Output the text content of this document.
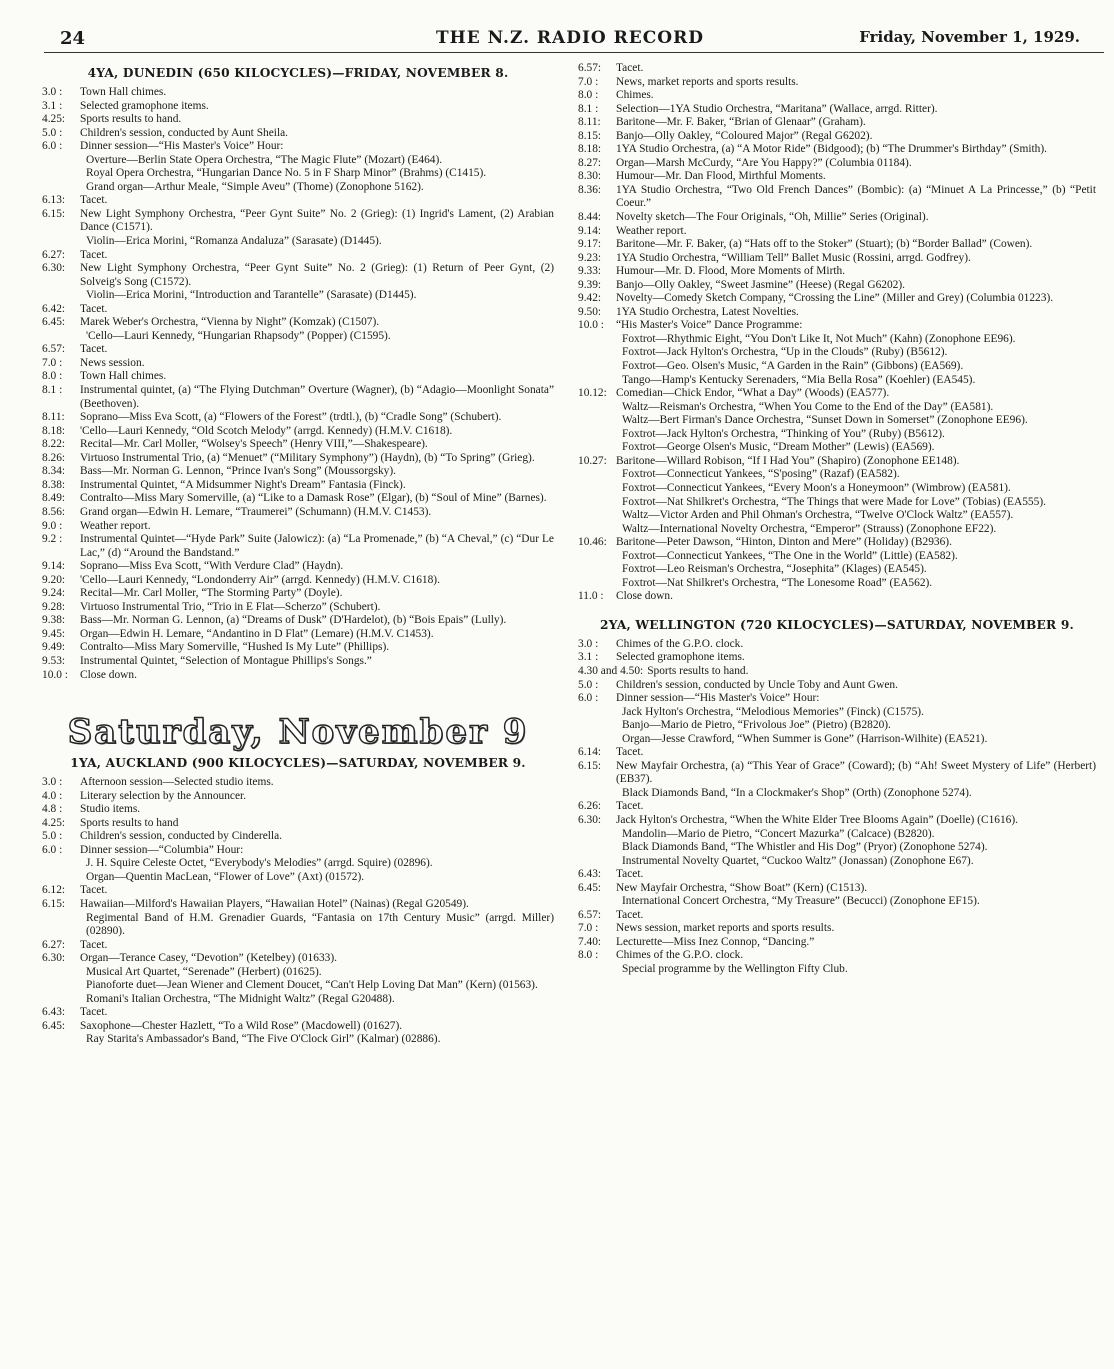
24	THE N.Z. RADIO RECORD	Friday, November 1, 1929.
4YA, DUNEDIN (650 KILOCYCLES)—FRIDAY, NOVEMBER 8.
3.0 :	Town Hall chimes.
3.1 :	Selected gramophone items.
4.25:	Sports results to hand.
5.0 :	Children's session, conducted by Aunt Sheila.
6.0 :	Dinner session—“His Master's Voice” Hour:
Overture—Berlin State Opera Orchestra, “The Magic Flute” (Mozart) (E464).
Royal Opera Orchestra, “Hungarian Dance No. 5 in F Sharp Minor” (Brahms) (C1415).
Grand organ—Arthur Meale, “Simple Aveu” (Thome) (Zonophone 5162).
6.13:	Tacet.
6.15:	New Light Symphony Orchestra, “Peer Gynt Suite” No. 2 (Grieg): (1) Ingrid's Lament, (2) Arabian Dance (C1571).
Violin—Erica Morini, “Romanza Andaluza” (Sarasate) (D1445).
6.27:	Tacet.
6.30:	New Light Symphony Orchestra, “Peer Gynt Suite” No. 2 (Grieg): (1) Return of Peer Gynt, (2) Solveig's Song (C1572).
Violin—Erica Morini, “Introduction and Tarantelle” (Sarasate) (D1445).
6.42:	Tacet.
6.45:	Marek Weber's Orchestra, “Vienna by Night” (Komzak) (C1507).
'Cello—Lauri Kennedy, “Hungarian Rhapsody” (Popper) (C1595).
6.57:	Tacet.
7.0 :	News session.
8.0 :	Town Hall chimes.
8.1 :	Instrumental quintet, (a) “The Flying Dutchman” Overture (Wagner), (b) “Adagio—Moonlight Sonata” (Beethoven).
8.11:	Soprano—Miss Eva Scott, (a) “Flowers of the Forest” (trdtl.), (b) “Cradle Song” (Schubert).
8.18:	'Cello—Lauri Kennedy, “Old Scotch Melody” (arrgd. Kennedy) (H.M.V. C1618).
8.22:	Recital—Mr. Carl Moller, “Wolsey's Speech” (Henry VIII,”—Shakespeare).
8.26:	Virtuoso Instrumental Trio, (a) “Menuet” (“Military Symphony”) (Haydn), (b) “To Spring” (Grieg).
8.34:	Bass—Mr. Norman G. Lennon, “Prince Ivan's Song” (Moussorgsky).
8.38:	Instrumental Quintet, “A Midsummer Night's Dream” Fantasia (Finck).
8.49:	Contralto—Miss Mary Somerville, (a) “Like to a Damask Rose” (Elgar), (b) “Soul of Mine” (Barnes).
8.56:	Grand organ—Edwin H. Lemare, “Traumerei” (Schumann) (H.M.V. C1453).
9.0 :	Weather report.
9.2 :	Instrumental Quintet—“Hyde Park” Suite (Jalowicz): (a) “La Promenade,” (b) “A Cheval,” (c) “Dur Le Lac,” (d) “Around the Bandstand.”
9.14:	Soprano—Miss Eva Scott, “With Verdure Clad” (Haydn).
9.20:	'Cello—Lauri Kennedy, “Londonderry Air” (arrgd. Kennedy) (H.M.V. C1618).
9.24:	Recital—Mr. Carl Moller, “The Storming Party” (Doyle).
9.28:	Virtuoso Instrumental Trio, “Trio in E Flat—Scherzo” (Schubert).
9.38:	Bass—Mr. Norman G. Lennon, (a) “Dreams of Dusk” (D'Hardelot), (b) “Bois Epais” (Lully).
9.45:	Organ—Edwin H. Lemare, “Andantino in D Flat” (Lemare) (H.M.V. C1453).
9.49:	Contralto—Miss Mary Somerville, “Hushed Is My Lute” (Phillips).
9.53:	Instrumental Quintet, “Selection of Montague Phillips's Songs.”
10.0 :	Close down.
Saturday, November 9
1YA, AUCKLAND (900 KILOCYCLES)—SATURDAY, NOVEMBER 9.
3.0 :	Afternoon session—Selected studio items.
4.0 :	Literary selection by the Announcer.
4.8 :	Studio items.
4.25:	Sports results to hand
5.0 :	Children's session, conducted by Cinderella.
6.0 :	Dinner session—“Columbia” Hour:
J. H. Squire Celeste Octet, “Everybody's Melodies” (arrgd. Squire) (02896).
Organ—Quentin MacLean, “Flower of Love” (Axt) (01572).
6.12:	Tacet.
6.15:	Hawaiian—Milford's Hawaiian Players, “Hawaiian Hotel” (Nainas) (Regal G20549).
Regimental Band of H.M. Grenadier Guards, “Fantasia on 17th Century Music” (arrgd. Miller) (02890).
6.27:	Tacet.
6.30:	Organ—Terance Casey, “Devotion” (Ketelbey) (01633).
Musical Art Quartet, “Serenade” (Herbert) (01625).
Pianoforte duet—Jean Wiener and Clement Doucet, “Can't Help Loving Dat Man” (Kern) (01563).
Romani's Italian Orchestra, “The Midnight Waltz” (Regal G20488).
6.43:	Tacet.
6.45:	Saxophone—Chester Hazlett, “To a Wild Rose” (Macdowell) (01627).
Ray Starita's Ambassador's Band, “The Five O'Clock Girl” (Kalmar) (02886).
6.57:	Tacet.
7.0 :	News, market reports and sports results.
8.0 :	Chimes.
8.1 :	Selection—1YA Studio Orchestra, “Maritana” (Wallace, arrgd. Ritter).
8.11:	Baritone—Mr. F. Baker, “Brian of Glenaar” (Graham).
8.15:	Banjo—Olly Oakley, “Coloured Major” (Regal G6202).
8.18:	1YA Studio Orchestra, (a) “A Motor Ride” (Bidgood); (b) “The Drummer's Birthday” (Smith).
8.27:	Organ—Marsh McCurdy, “Are You Happy?” (Columbia 01184).
8.30:	Humour—Mr. Dan Flood, Mirthful Moments.
8.36:	1YA Studio Orchestra, “Two Old French Dances” (Bombic): (a) “Minuet A La Princesse,” (b) “Petit Coeur.”
8.44:	Novelty sketch—The Four Originals, “Oh, Millie” Series (Original).
9.14:	Weather report.
9.17:	Baritone—Mr. F. Baker, (a) “Hats off to the Stoker” (Stuart); (b) “Border Ballad” (Cowen).
9.23:	1YA Studio Orchestra, “William Tell” Ballet Music (Rossini, arrgd. Godfrey).
9.33:	Humour—Mr. D. Flood, More Moments of Mirth.
9.39:	Banjo—Olly Oakley, “Sweet Jasmine” (Heese) (Regal G6202).
9.42:	Novelty—Comedy Sketch Company, “Crossing the Line” (Miller and Grey) (Columbia 01223).
9.50:	1YA Studio Orchestra, Latest Novelties.
10.0 :	“His Master's Voice” Dance Programme:
Foxtrot—Rhythmic Eight, “You Don't Like It, Not Much” (Kahn) (Zonophone EE96).
Foxtrot—Jack Hylton's Orchestra, “Up in the Clouds” (Ruby) (B5612).
Foxtrot—Geo. Olsen's Music, “A Garden in the Rain” (Gibbons) (EA569).
Tango—Hamp's Kentucky Serenaders, “Mia Bella Rosa” (Koehler) (EA545).
10.12: Comedian—Chick Endor, “What a Day” (Woods) (EA577).
Waltz—Reisman's Orchestra, “When You Come to the End of the Day” (EA581).
Waltz—Bert Firman's Dance Orchestra, “Sunset Down in Somerset” (Zonophone EE96).
Foxtrot—Jack Hylton's Orchestra, “Thinking of You” (Ruby) (B5612).
Foxtrot—George Olsen's Music, “Dream Mother” (Lewis) (EA569).
10.27: Baritone—Willard Robison, “If I Had You” (Shapiro) (Zonophone EE148).
Foxtrot—Connecticut Yankees, “S'posing” (Razaf) (EA582).
Foxtrot—Connecticut Yankees, “Every Moon's a Honeymoon” (Wimbrow) (EA581).
Foxtrot—Nat Shilkret's Orchestra, “The Things that were Made for Love” (Tobias) (EA555).
Waltz—Victor Arden and Phil Ohman's Orchestra, “Twelve O'Clock Waltz” (EA557).
Waltz—International Novelty Orchestra, “Emperor” (Strauss) (Zonophone EF22).
10.46: Baritone—Peter Dawson, “Hinton, Dinton and Mere” (Holiday) (B2936).
Foxtrot—Connecticut Yankees, “The One in the World” (Little) (EA582).
Foxtrot—Leo Reisman's Orchestra, “Josephita” (Klages) (EA545).
Foxtrot—Nat Shilkret's Orchestra, “The Lonesome Road” (EA562).
11.0 :	Close down.
2YA, WELLINGTON (720 KILOCYCLES)—SATURDAY, NOVEMBER 9.
3.0 :	Chimes of the G.P.O. clock.
3.1 :	Selected gramophone items.
4.30 and 4.50: Sports results to hand.
5.0 :	Children's session, conducted by Uncle Toby and Aunt Gwen.
6.0 :	Dinner session—“His Master's Voice” Hour:
Jack Hylton's Orchestra, “Melodious Memories” (Finck) (C1575).
Banjo—Mario de Pietro, “Frivolous Joe” (Pietro) (B2820).
Organ—Jesse Crawford, “When Summer is Gone” (Harrison-Wilhite) (EA521).
6.14:	Tacet.
6.15:	New Mayfair Orchestra, (a) “This Year of Grace” (Coward); (b) “Ah! Sweet Mystery of Life” (Herbert) (EB37).
Black Diamonds Band, “In a Clockmaker's Shop” (Orth) (Zonophone 5274).
6.26:	Tacet.
6.30:	Jack Hylton's Orchestra, “When the White Elder Tree Blooms Again” (Doelle) (C1616).
Mandolin—Mario de Pietro, “Concert Mazurka” (Calcace) (B2820).
Black Diamonds Band, “The Whistler and His Dog” (Pryor) (Zonophone 5274).
Instrumental Novelty Quartet, “Cuckoo Waltz” (Jonassan) (Zonophone E67).
6.43:	Tacet.
6.45:	New Mayfair Orchestra, “Show Boat” (Kern) (C1513).
International Concert Orchestra, “My Treasure” (Becucci) (Zonophone EF15).
6.57:	Tacet.
7.0 :	News session, market reports and sports results.
7.40:	Lecturette—Miss Inez Connop, “Dancing.”
8.0 :	Chimes of the G.P.O. clock.
Special programme by the Wellington Fifty Club.
